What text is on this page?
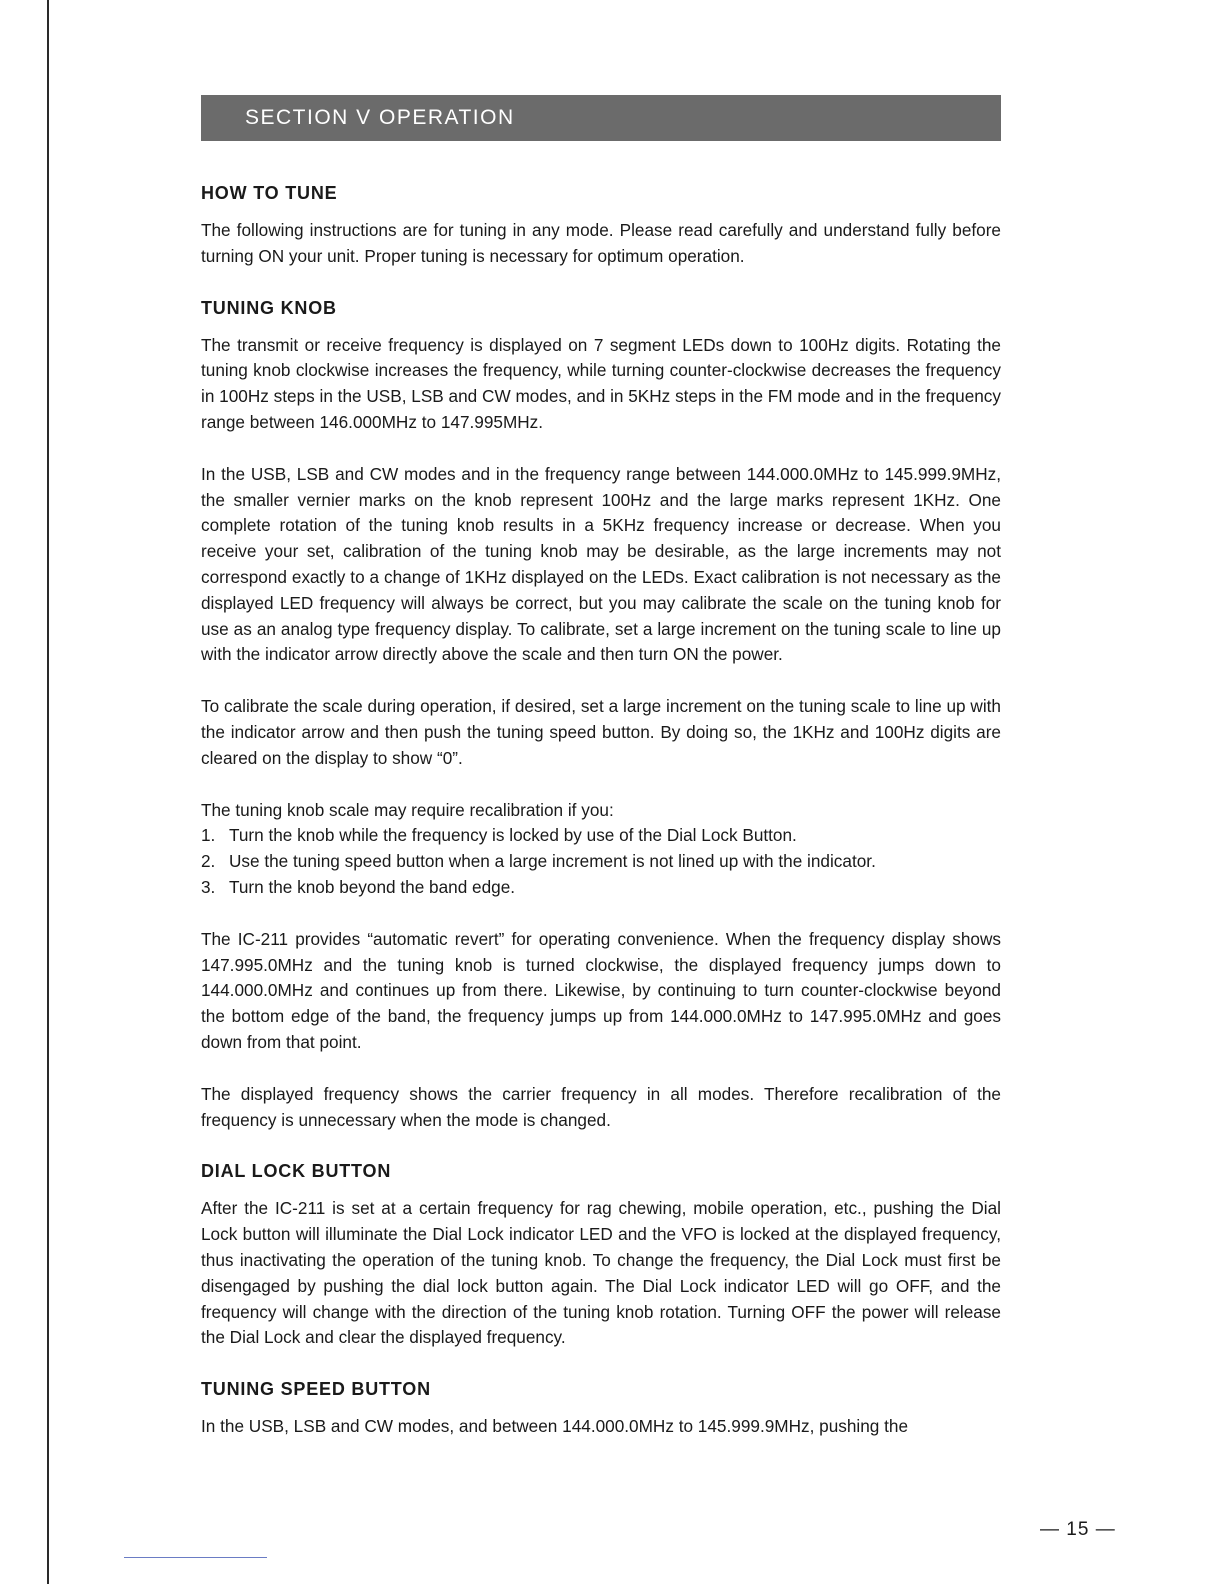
SECTION V OPERATION
HOW TO TUNE

The following instructions are for tuning in any mode. Please read carefully and understand fully before turning ON your unit. Proper tuning is necessary for optimum operation.

TUNING KNOB

The transmit or receive frequency is displayed on 7 segment LEDs down to 100Hz digits. Rotating the tuning knob clockwise increases the frequency, while turning counter-clockwise decreases the frequency in 100Hz steps in the USB, LSB and CW modes, and in 5KHz steps in the FM mode and in the frequency range between 146.000MHz to 147.995MHz.

In the USB, LSB and CW modes and in the frequency range between 144.000.0MHz to 145.999.9MHz, the smaller vernier marks on the knob represent 100Hz and the large marks represent 1KHz. One complete rotation of the tuning knob results in a 5KHz frequency increase or decrease. When you receive your set, calibration of the tuning knob may be desirable, as the large increments may not correspond exactly to a change of 1KHz displayed on the LEDs. Exact calibration is not necessary as the displayed LED frequency will always be correct, but you may calibrate the scale on the tuning knob for use as an analog type frequency display. To calibrate, set a large increment on the tuning scale to line up with the indicator arrow directly above the scale and then turn ON the power.

To calibrate the scale during operation, if desired, set a large increment on the tuning scale to line up with the indicator arrow and then push the tuning speed button. By doing so, the 1KHz and 100Hz digits are cleared on the display to show “0”.

The tuning knob scale may require recalibration if you:

1. Turn the knob while the frequency is locked by use of the Dial Lock Button.
2. Use the tuning speed button when a large increment is not lined up with the indicator.
3. Turn the knob beyond the band edge.

The IC-211 provides “automatic revert” for operating convenience. When the frequency display shows 147.995.0MHz and the tuning knob is turned clockwise, the displayed frequency jumps down to 144.000.0MHz and continues up from there. Likewise, by continuing to turn counter-clockwise beyond the bottom edge of the band, the frequency jumps up from 144.000.0MHz to 147.995.0MHz and goes down from that point.

The displayed frequency shows the carrier frequency in all modes. Therefore recalibration of the frequency is unnecessary when the mode is changed.

DIAL LOCK BUTTON

After the IC-211 is set at a certain frequency for rag chewing, mobile operation, etc., pushing the Dial Lock button will illuminate the Dial Lock indicator LED and the VFO is locked at the displayed frequency, thus inactivating the operation of the tuning knob. To change the frequency, the Dial Lock must first be disengaged by pushing the dial lock button again. The Dial Lock indicator LED will go OFF, and the frequency will change with the direction of the tuning knob rotation. Turning OFF the power will release the Dial Lock and clear the displayed frequency.

TUNING SPEED BUTTON

In the USB, LSB and CW modes, and between 144.000.0MHz to 145.999.9MHz, pushing the

— 15 —
